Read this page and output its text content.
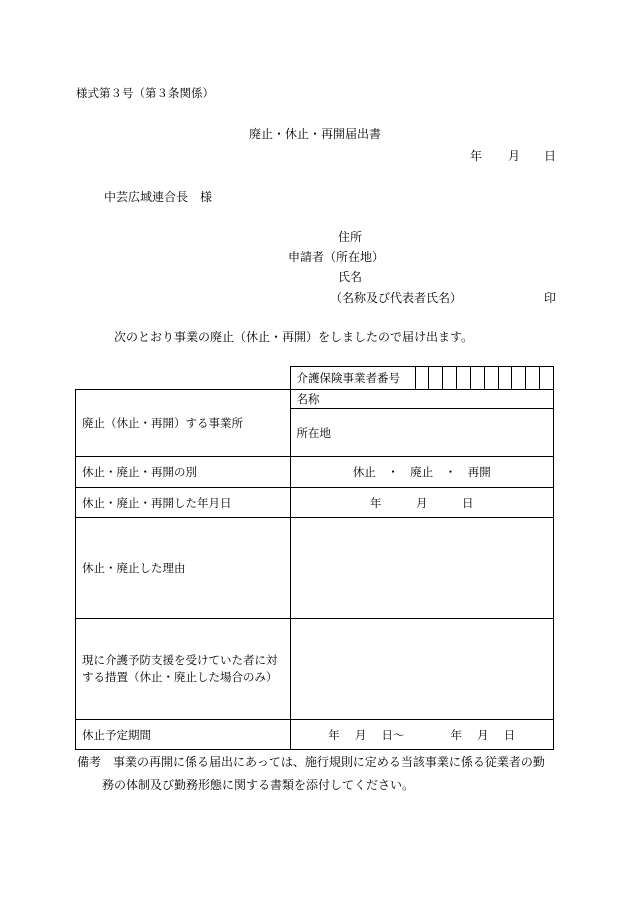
様式第３号（第３条関係）
廃止・休止・再開届出書
年 月 日
中芸広域連合長　様
住所
申請者（所在地）
氏名
（名称及び代表者氏名）	印
次のとおり事業の廃止（休止・再開）をしましたので届け出ます。

介護保険事業者番号

廃止（休止・再開）する事業所	名称
所在地

休止・廃止・再開の別	休止　・　廃止　・　再開
休止・廃止・再開した年月日	年　　　月　　　日
休止・廃止した理由	
現に介護予防支援を受けていた者に対する措置（休止・廃止した場合のみ）	
休止予定期間	年　 月　 日〜　　　　年　 月　 日
備考　事業の再開に係る届出にあっては、施行規則に定める当該事業に係る従業者の勤
務の体制及び勤務形態に関する書類を添付してください。
